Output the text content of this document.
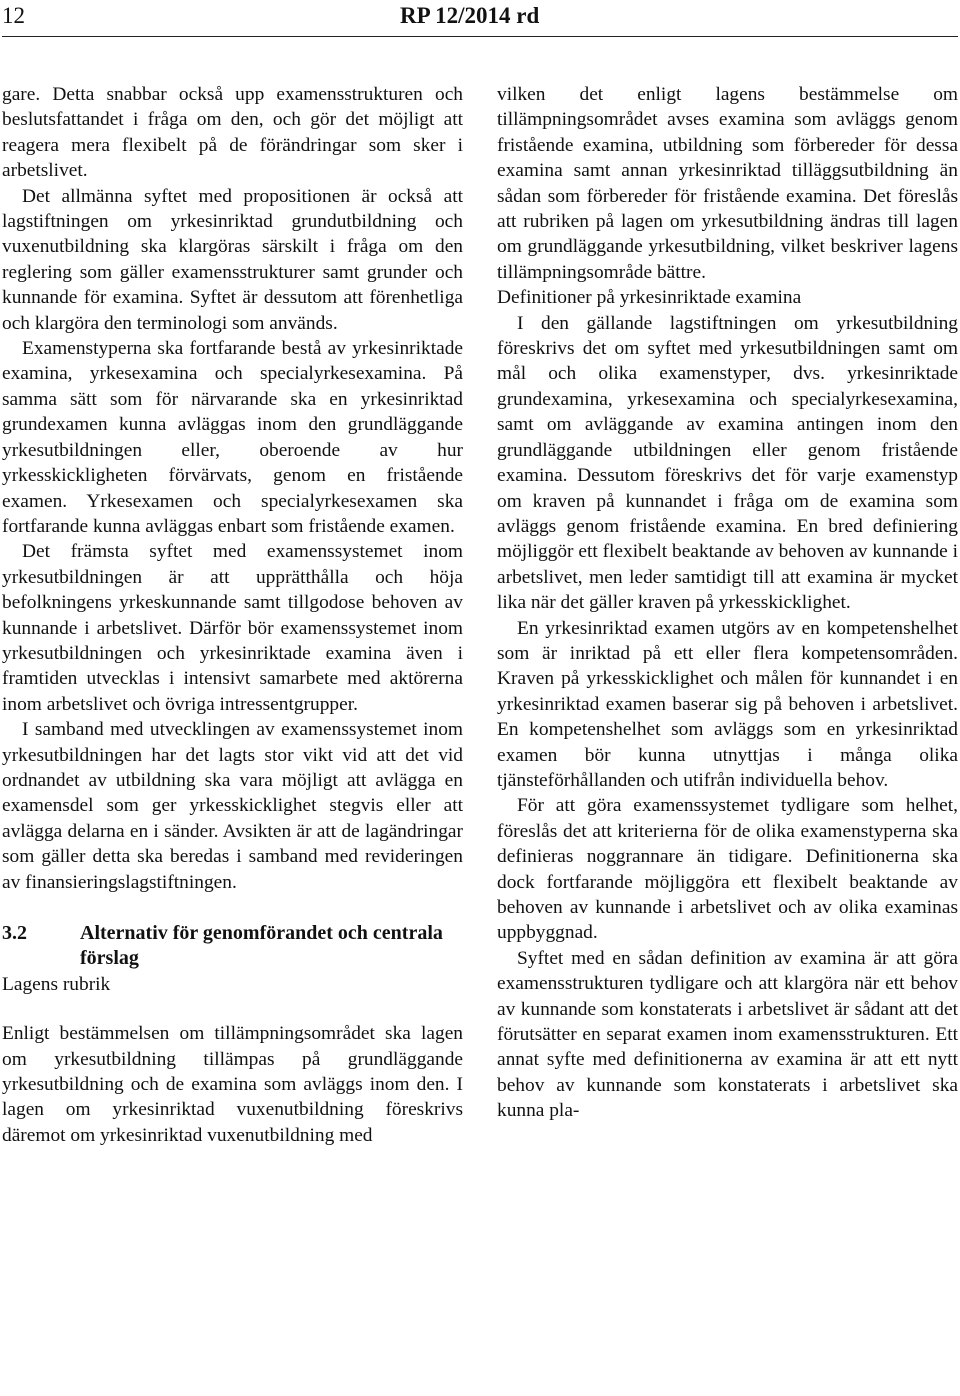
12	RP 12/2014 rd

gare. Detta snabbar också upp examensstrukturen och beslutsfattandet i fråga om den, och gör det möjligt att reagera mera flexibelt på de förändringar som sker i arbetslivet.

Det allmänna syftet med propositionen är också att lagstiftningen om yrkesinriktad grundutbildning och vuxenutbildning ska klargöras särskilt i fråga om den reglering som gäller examensstrukturer samt grunder och kunnande för examina. Syftet är dessutom att förenhetliga och klargöra den terminologi som används.

Examenstyperna ska fortfarande bestå av yrkesinriktade examina, yrkesexamina och specialyrkesexamina. På samma sätt som för närvarande ska en yrkesinriktad grundexamen kunna avläggas inom den grundläggande yrkesutbildningen eller, oberoende av hur yrkesskickligheten förvärvats, genom en fristående examen. Yrkesexamen och specialyrkesexamen ska fortfarande kunna avläggas enbart som fristående examen.

Det främsta syftet med examenssystemet inom yrkesutbildningen är att upprätthålla och höja befolkningens yrkeskunnande samt tillgodose behoven av kunnande i arbetslivet. Därför bör examenssystemet inom yrkesutbildningen och yrkesinriktade examina även i framtiden utvecklas i intensivt samarbete med aktörerna inom arbetslivet och övriga intressentgrupper.

I samband med utvecklingen av examenssystemet inom yrkesutbildningen har det lagts stor vikt vid att det vid ordnandet av utbildning ska vara möjligt att avlägga en examensdel som ger yrkesskicklighet stegvis eller att avlägga delarna en i sänder. Avsikten är att de lagändringar som gäller detta ska beredas i samband med revideringen av finansieringslagstiftningen.

3.2	Alternativ för genomförandet och centrala förslag

Lagens rubrik

Enligt bestämmelsen om tillämpningsområdet ska lagen om yrkesutbildning tillämpas på grundläggande yrkesutbildning och de examina som avläggs inom den. I lagen om yrkesinriktad vuxenutbildning föreskrivs däremot om yrkesinriktad vuxenutbildning med

vilken det enligt lagens bestämmelse om tillämpningsområdet avses examina som avläggs genom fristående examina, utbildning som förbereder för dessa examina samt annan yrkesinriktad tilläggsutbildning än sådan som förbereder för fristående examina. Det föreslås att rubriken på lagen om yrkesutbildning ändras till lagen om grundläggande yrkesutbildning, vilket beskriver lagens tillämpningsområde bättre.

Definitioner på yrkesinriktade examina

I den gällande lagstiftningen om yrkesutbildning föreskrivs det om syftet med yrkesutbildningen samt om mål och olika examenstyper, dvs. yrkesinriktade grundexamina, yrkesexamina och specialyrkesexamina, samt om avläggande av examina antingen inom den grundläggande utbildningen eller genom fristående examina. Dessutom föreskrivs det för varje examenstyp om kraven på kunnandet i fråga om de examina som avläggs genom fristående examina. En bred definiering möjliggör ett flexibelt beaktande av behoven av kunnande i arbetslivet, men leder samtidigt till att examina är mycket lika när det gäller kraven på yrkesskicklighet.

En yrkesinriktad examen utgörs av en kompetenshelhet som är inriktad på ett eller flera kompetensområden. Kraven på yrkesskicklighet och målen för kunnandet i en yrkesinriktad examen baserar sig på behoven i arbetslivet. En kompetenshelhet som avläggs som en yrkesinriktad examen bör kunna utnyttjas i många olika tjänsteförhållanden och utifrån individuella behov.

För att göra examenssystemet tydligare som helhet, föreslås det att kriterierna för de olika examenstyperna ska definieras noggrannare än tidigare. Definitionerna ska dock fortfarande möjliggöra ett flexibelt beaktande av behoven av kunnande i arbetslivet och av olika examinas uppbyggnad.

Syftet med en sådan definition av examina är att göra examensstrukturen tydligare och att klargöra när ett behov av kunnande som konstaterats i arbetslivet är sådant att det förutsätter en separat examen inom examensstrukturen. Ett annat syfte med definitionerna av examina är att ett nytt behov av kunnande som konstaterats i arbetslivet ska kunna pla-
